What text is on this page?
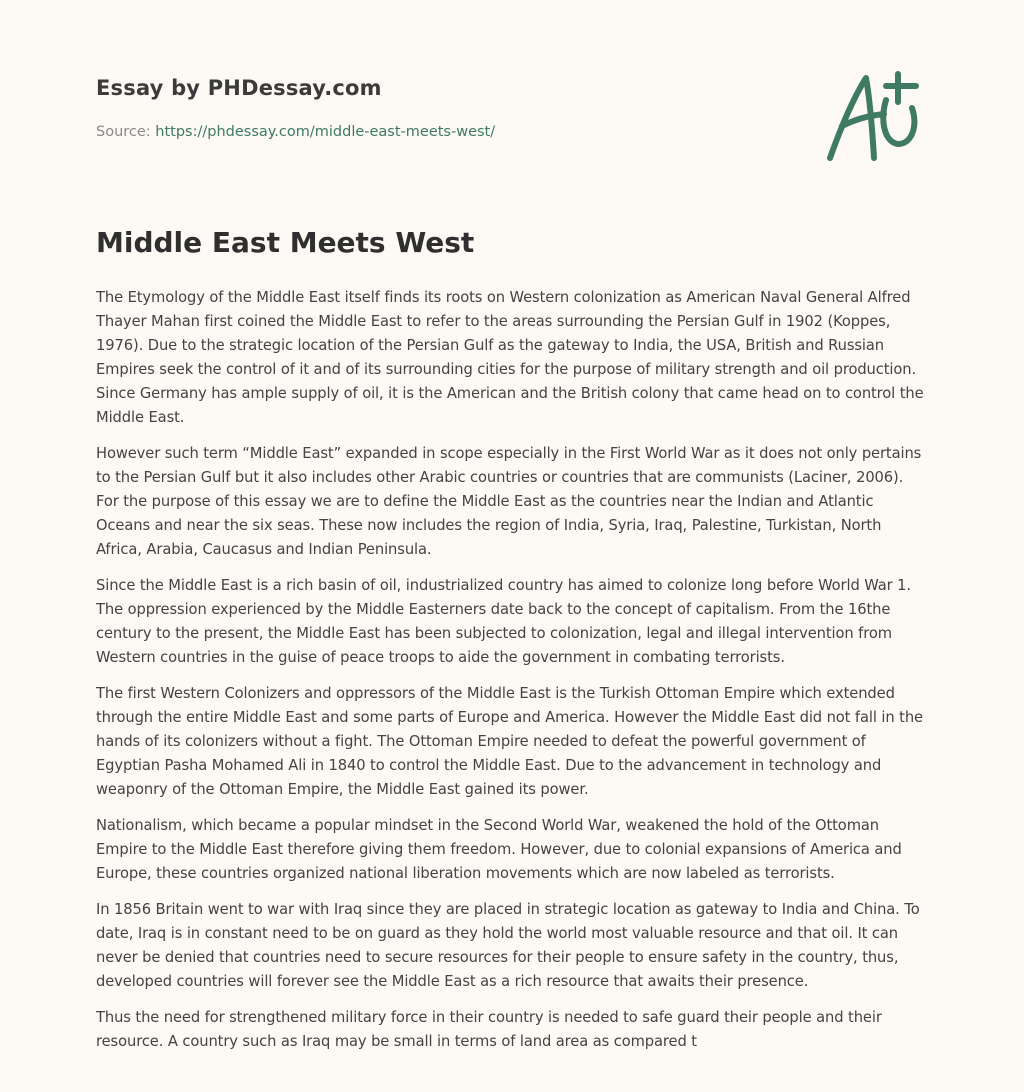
Essay by PHDessay.com
Source: https://phdessay.com/middle-east-meets-west/
Middle East Meets West

The Etymology of the Middle East itself finds its roots on Western colonization as American Naval General Alfred Thayer Mahan first coined the Middle East to refer to the areas surrounding the Persian Gulf in 1902 (Koppes, 1976). Due to the strategic location of the Persian Gulf as the gateway to India, the USA, British and Russian Empires seek the control of it and of its surrounding cities for the purpose of military strength and oil production. Since Germany has ample supply of oil, it is the American and the British colony that came head on to control the Middle East.

However such term “Middle East” expanded in scope especially in the First World War as it does not only pertains to the Persian Gulf but it also includes other Arabic countries or countries that are communists (Laciner, 2006). For the purpose of this essay we are to define the Middle East as the countries near the Indian and Atlantic Oceans and near the six seas. These now includes the region of India, Syria, Iraq, Palestine, Turkistan, North Africa, Arabia, Caucasus and Indian Peninsula.

Since the Middle East is a rich basin of oil, industrialized country has aimed to colonize long before World War 1. The oppression experienced by the Middle Easterners date back to the concept of capitalism. From the 16the century to the present, the Middle East has been subjected to colonization, legal and illegal intervention from Western countries in the guise of peace troops to aide the government in combating terrorists.

The first Western Colonizers and oppressors of the Middle East is the Turkish Ottoman Empire which extended through the entire Middle East and some parts of Europe and America. However the Middle East did not fall in the hands of its colonizers without a fight. The Ottoman Empire needed to defeat the powerful government of Egyptian Pasha Mohamed Ali in 1840 to control the Middle East. Due to the advancement in technology and weaponry of the Ottoman Empire, the Middle East gained its power.

Nationalism, which became a popular mindset in the Second World War, weakened the hold of the Ottoman Empire to the Middle East therefore giving them freedom. However, due to colonial expansions of America and Europe, these countries organized national liberation movements which are now labeled as terrorists.

In 1856 Britain went to war with Iraq since they are placed in strategic location as gateway to India and China. To date, Iraq is in constant need to be on guard as they hold the world most valuable resource and that oil. It can never be denied that countries need to secure resources for their people to ensure safety in the country, thus, developed countries will forever see the Middle East as a rich resource that awaits their presence.

Thus the need for strengthened military force in their country is needed to safe guard their people and their resource. A country such as Iraq may be small in terms of land area as compared t
